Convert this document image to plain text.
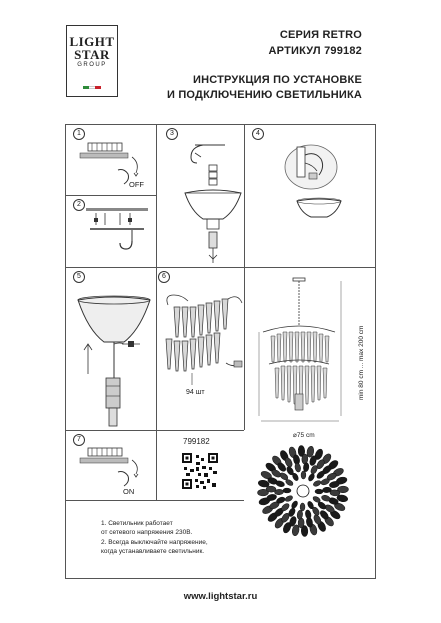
LIGHT
STAR
GROUP
СЕРИЯ RETRO
АРТИКУЛ 799182
ИНСТРУКЦИЯ ПО УСТАНОВКЕ
И ПОДКЛЮЧЕНИЮ СВЕТИЛЬНИКА
1	3	4
2
5	6
7
OFF
94 шт
ON
799182
min 80 cm ... max 200 cm
⌀75 cm
1. Светильник работает
от сетевого напряжения 230В.
2. Всегда выключайте напряжение,
когда устанавливаете светильник.
www.lightstar.ru
